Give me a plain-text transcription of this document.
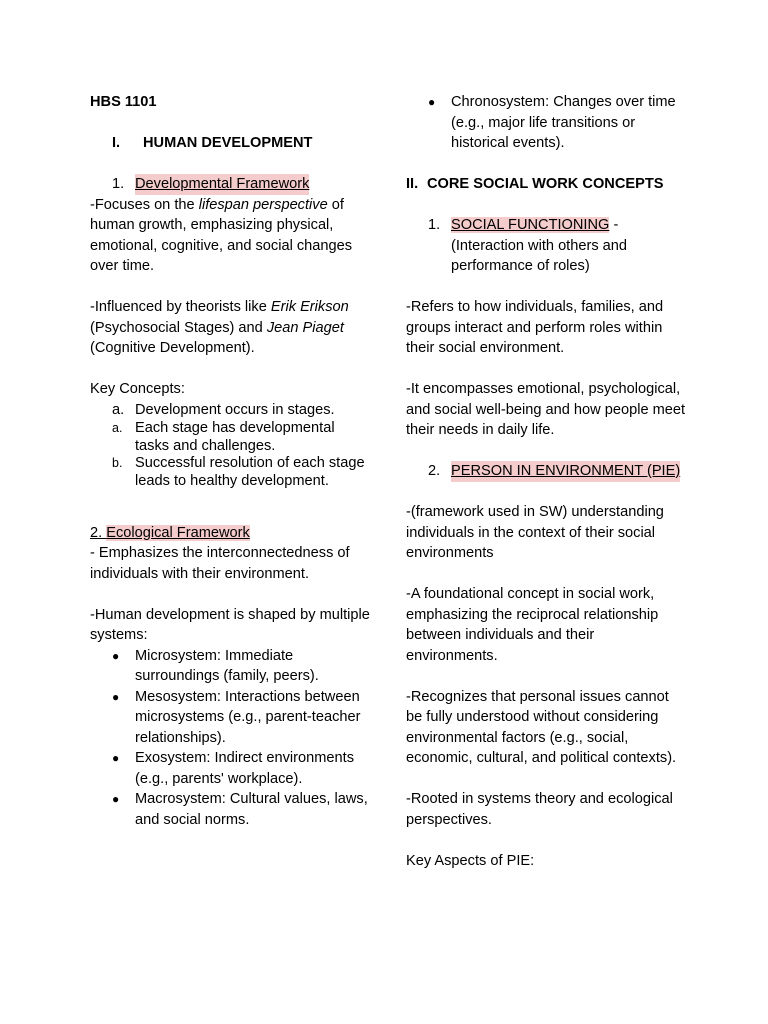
HBS 1101

I.	HUMAN DEVELOPMENT
1. Developmental Framework

-Focuses on the lifespan perspective of human growth, emphasizing physical, emotional, cognitive, and social changes over time.

-Influenced by theorists like Erik Erikson (Psychosocial Stages) and Jean Piaget (Cognitive Development).

Key Concepts:

a. Development occurs in stages.
a. Each stage has developmental tasks and challenges.
b. Successful resolution of each stage leads to healthy development.

2. Ecological Framework

- Emphasizes the interconnectedness of individuals with their environment.

-Human development is shaped by multiple systems:

●	Microsystem: Immediate surroundings (family, peers).
●	Mesosystem: Interactions between microsystems (e.g., parent-teacher relationships).
●	Exosystem: Indirect environments (e.g., parents' workplace).
●	Macrosystem: Cultural values, laws, and social norms.
●	Chronosystem: Changes over time (e.g., major life transitions or historical events).
II. CORE SOCIAL WORK CONCEPTS
1. SOCIAL FUNCTIONING - (Interaction with others and performance of roles)

-Refers to how individuals, families, and groups interact and perform roles within their social environment.

-It encompasses emotional, psychological, and social well-being and how people meet their needs in daily life.

2. PERSON IN ENVIRONMENT (PIE)

-(framework used in SW) understanding individuals in the context of their social environments

-A foundational concept in social work, emphasizing the reciprocal relationship between individuals and their environments.

-Recognizes that personal issues cannot be fully understood without considering environmental factors (e.g., social, economic, cultural, and political contexts).

-Rooted in systems theory and ecological perspectives.

Key Aspects of PIE:
